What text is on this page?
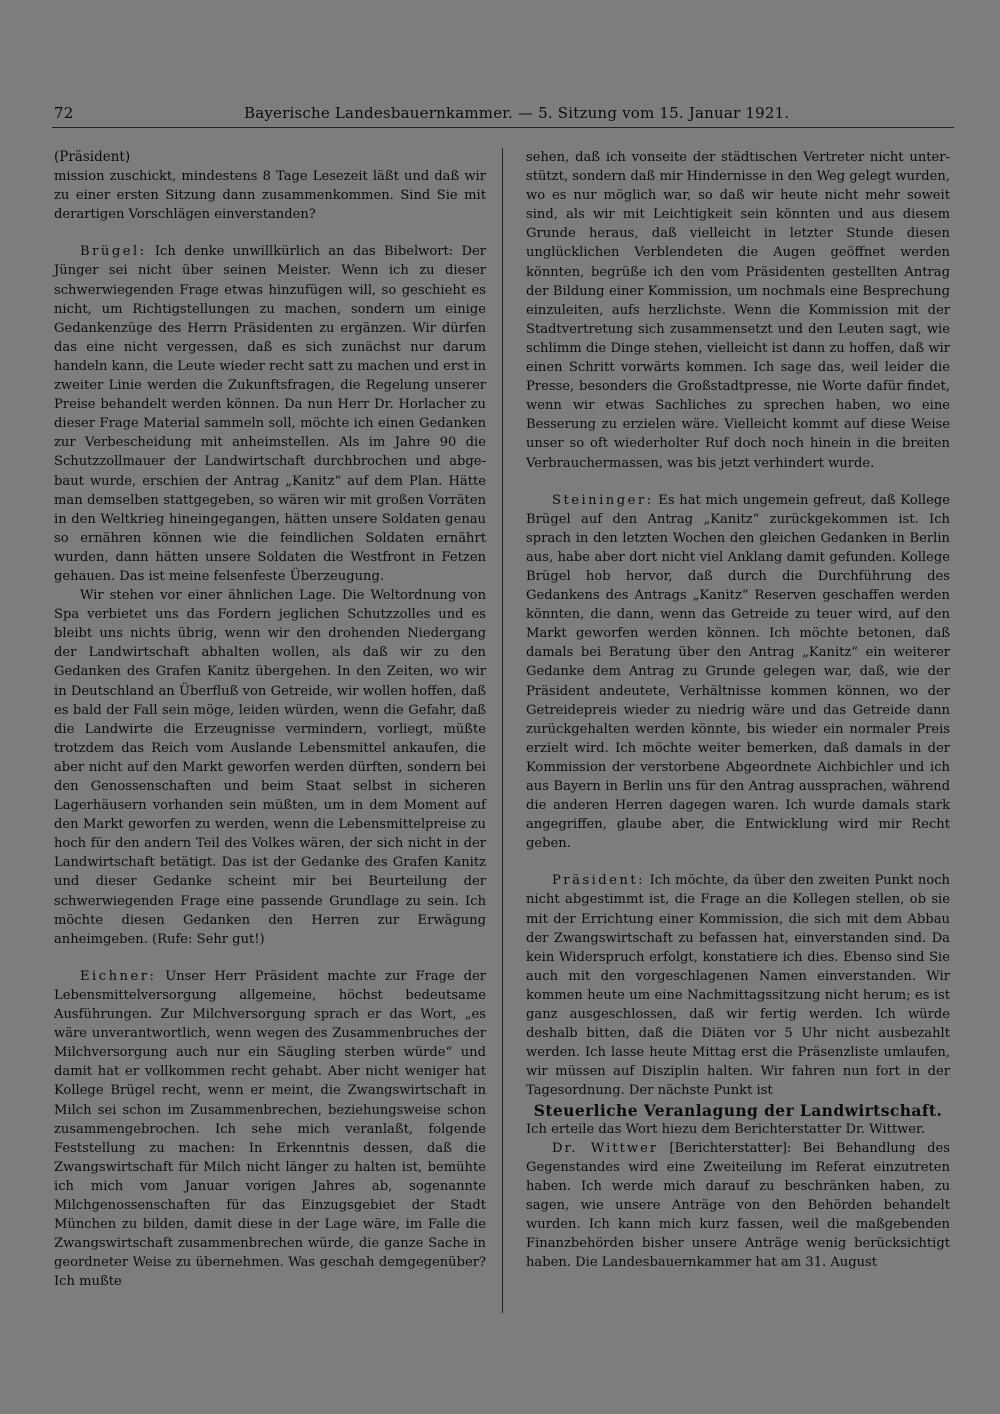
72	Bayerische Landesbauernkammer. — 5. Sitzung vom 15. Januar 1921.

(Präsident)

mission zuschickt, mindestens 8 Tage Lesezeit läßt und daß wir zu einer ersten Sitzung dann zusammenkommen. Sind Sie mit derartigen Vorschlägen einverstanden?

Brügel: Ich denke unwillkürlich an das Bibelwort: Der Jünger sei nicht über seinen Meister. Wenn ich zu dieser schwerwiegenden Frage etwas hinzufügen will, so geschieht es nicht, um Richtigstellungen zu machen, sondern um einige Gedankenzüge des Herrn Präsidenten zu ergänzen. Wir dürfen das eine nicht vergessen, daß es sich zunächst nur darum handeln kann, die Leute wieder recht satt zu machen und erst in zweiter Linie werden die Zukunftsfragen, die Regelung unserer Preise behandelt werden können. Da nun Herr Dr. Horlacher zu dieser Frage Material sammeln soll, möchte ich einen Gedanken zur Verbescheidung mit anheimstellen. Als im Jahre 90 die Schutzzollmauer der Landwirtschaft durchbrochen und abgebaut wurde, erschien der Antrag „Kanitz“ auf dem Plan. Hätte man demselben stattgegeben, so wären wir mit großen Vorräten in den Weltkrieg hineingegangen, hätten unsere Soldaten genau so ernähren können wie die feindlichen Soldaten ernährt wurden, dann hätten unsere Soldaten die Westfront in Fetzen gehauen. Das ist meine felsenfeste Überzeugung.

Wir stehen vor einer ähnlichen Lage. Die Weltordnung von Spa verbietet uns das Fordern jeglichen Schutzzolles und es bleibt uns nichts übrig, wenn wir den drohenden Niedergang der Landwirtschaft abhalten wollen, als daß wir zu den Gedanken des Grafen Kanitz übergehen. In den Zeiten, wo wir in Deutschland an Überfluß von Getreide, wir wollen hoffen, daß es bald der Fall sein möge, leiden würden, wenn die Gefahr, daß die Landwirte die Erzeugnisse vermindern, vorliegt, müßte trotzdem das Reich vom Auslande Lebensmittel ankaufen, die aber nicht auf den Markt geworfen werden dürften, sondern bei den Genossenschaften und beim Staat selbst in sicheren Lagerhäusern vorhanden sein müßten, um in dem Moment auf den Markt geworfen zu werden, wenn die Lebensmittelpreise zu hoch für den andern Teil des Volkes wären, der sich nicht in der Landwirtschaft betätigt. Das ist der Gedanke des Grafen Kanitz und dieser Gedanke scheint mir bei Beurteilung der schwerwiegenden Frage eine passende Grundlage zu sein. Ich möchte diesen Gedanken den Herren zur Erwägung anheimgeben. (Rufe: Sehr gut!)

Eichner: Unser Herr Präsident machte zur Frage der Lebensmittelversorgung allgemeine, höchst bedeutsame Ausführungen. Zur Milchversorgung sprach er das Wort, „es wäre unverantwortlich, wenn wegen des Zusammenbruches der Milchversorgung auch nur ein Säugling sterben würde“ und damit hat er vollkommen recht gehabt. Aber nicht weniger hat Kollege Brügel recht, wenn er meint, die Zwangswirtschaft in Milch sei schon im Zusammenbrechen, beziehungsweise schon zusammengebrochen. Ich sehe mich veranlaßt, folgende Feststellung zu machen: In Erkenntnis dessen, daß die Zwangswirtschaft für Milch nicht länger zu halten ist, bemühte ich mich vom Januar vorigen Jahres ab, sogenannte Milchgenossenschaften für das Einzugsgebiet der Stadt München zu bilden, damit diese in der Lage wäre, im Falle die Zwangswirtschaft zusammenbrechen würde, die ganze Sache in geordneter Weise zu übernehmen. Was geschah demgegenüber? Ich mußte

sehen, daß ich vonseite der städtischen Vertreter nicht unterstützt, sondern daß mir Hindernisse in den Weg gelegt wurden, wo es nur möglich war, so daß wir heute nicht mehr soweit sind, als wir mit Leichtigkeit sein könnten und aus diesem Grunde heraus, daß vielleicht in letzter Stunde diesen unglücklichen Verblendeten die Augen geöffnet werden könnten, begrüße ich den vom Präsidenten gestellten Antrag der Bildung einer Kommission, um nochmals eine Besprechung einzuleiten, aufs herzlichste. Wenn die Kommission mit der Stadtvertretung sich zusammensetzt und den Leuten sagt, wie schlimm die Dinge stehen, vielleicht ist dann zu hoffen, daß wir einen Schritt vorwärts kommen. Ich sage das, weil leider die Presse, besonders die Großstadtpresse, nie Worte dafür findet, wenn wir etwas Sachliches zu sprechen haben, wo eine Besserung zu erzielen wäre. Vielleicht kommt auf diese Weise unser so oft wiederholter Ruf doch noch hinein in die breiten Verbrauchermassen, was bis jetzt verhindert wurde.

Steininger: Es hat mich ungemein gefreut, daß Kollege Brügel auf den Antrag „Kanitz“ zurückgekommen ist. Ich sprach in den letzten Wochen den gleichen Gedanken in Berlin aus, habe aber dort nicht viel Anklang damit gefunden. Kollege Brügel hob hervor, daß durch die Durchführung des Gedankens des Antrags „Kanitz“ Reserven geschaffen werden könnten, die dann, wenn das Getreide zu teuer wird, auf den Markt geworfen werden können. Ich möchte betonen, daß damals bei Beratung über den Antrag „Kanitz“ ein weiterer Gedanke dem Antrag zu Grunde gelegen war, daß, wie der Präsident andeutete, Verhältnisse kommen können, wo der Getreidepreis wieder zu niedrig wäre und das Getreide dann zurückgehalten werden könnte, bis wieder ein normaler Preis erzielt wird. Ich möchte weiter bemerken, daß damals in der Kommission der verstorbene Abgeordnete Aichbichler und ich aus Bayern in Berlin uns für den Antrag aussprachen, während die anderen Herren dagegen waren. Ich wurde damals stark angegriffen, glaube aber, die Entwicklung wird mir Recht geben.

Präsident: Ich möchte, da über den zweiten Punkt noch nicht abgestimmt ist, die Frage an die Kollegen stellen, ob sie mit der Errichtung einer Kommission, die sich mit dem Abbau der Zwangswirtschaft zu befassen hat, einverstanden sind. Da kein Widerspruch erfolgt, konstatiere ich dies. Ebenso sind Sie auch mit den vorgeschlagenen Namen einverstanden. Wir kommen heute um eine Nachmittagssitzung nicht herum; es ist ganz ausgeschlossen, daß wir fertig werden. Ich würde deshalb bitten, daß die Diäten vor 5 Uhr nicht ausbezahlt werden. Ich lasse heute Mittag erst die Präsenzliste umlaufen, wir müssen auf Disziplin halten. Wir fahren nun fort in der Tagesordnung. Der nächste Punkt ist

Steuerliche Veranlagung der Landwirtschaft.

Ich erteile das Wort hiezu dem Berichterstatter Dr. Wittwer.

Dr. Wittwer [Berichterstatter]: Bei Behandlung des Gegenstandes wird eine Zweiteilung im Referat einzutreten haben. Ich werde mich darauf zu beschränken haben, zu sagen, wie unsere Anträge von den Behörden behandelt wurden. Ich kann mich kurz fassen, weil die maßgebenden Finanzbehörden bisher unsere Anträge wenig berücksichtigt haben. Die Landesbauernkammer hat am 31. August
